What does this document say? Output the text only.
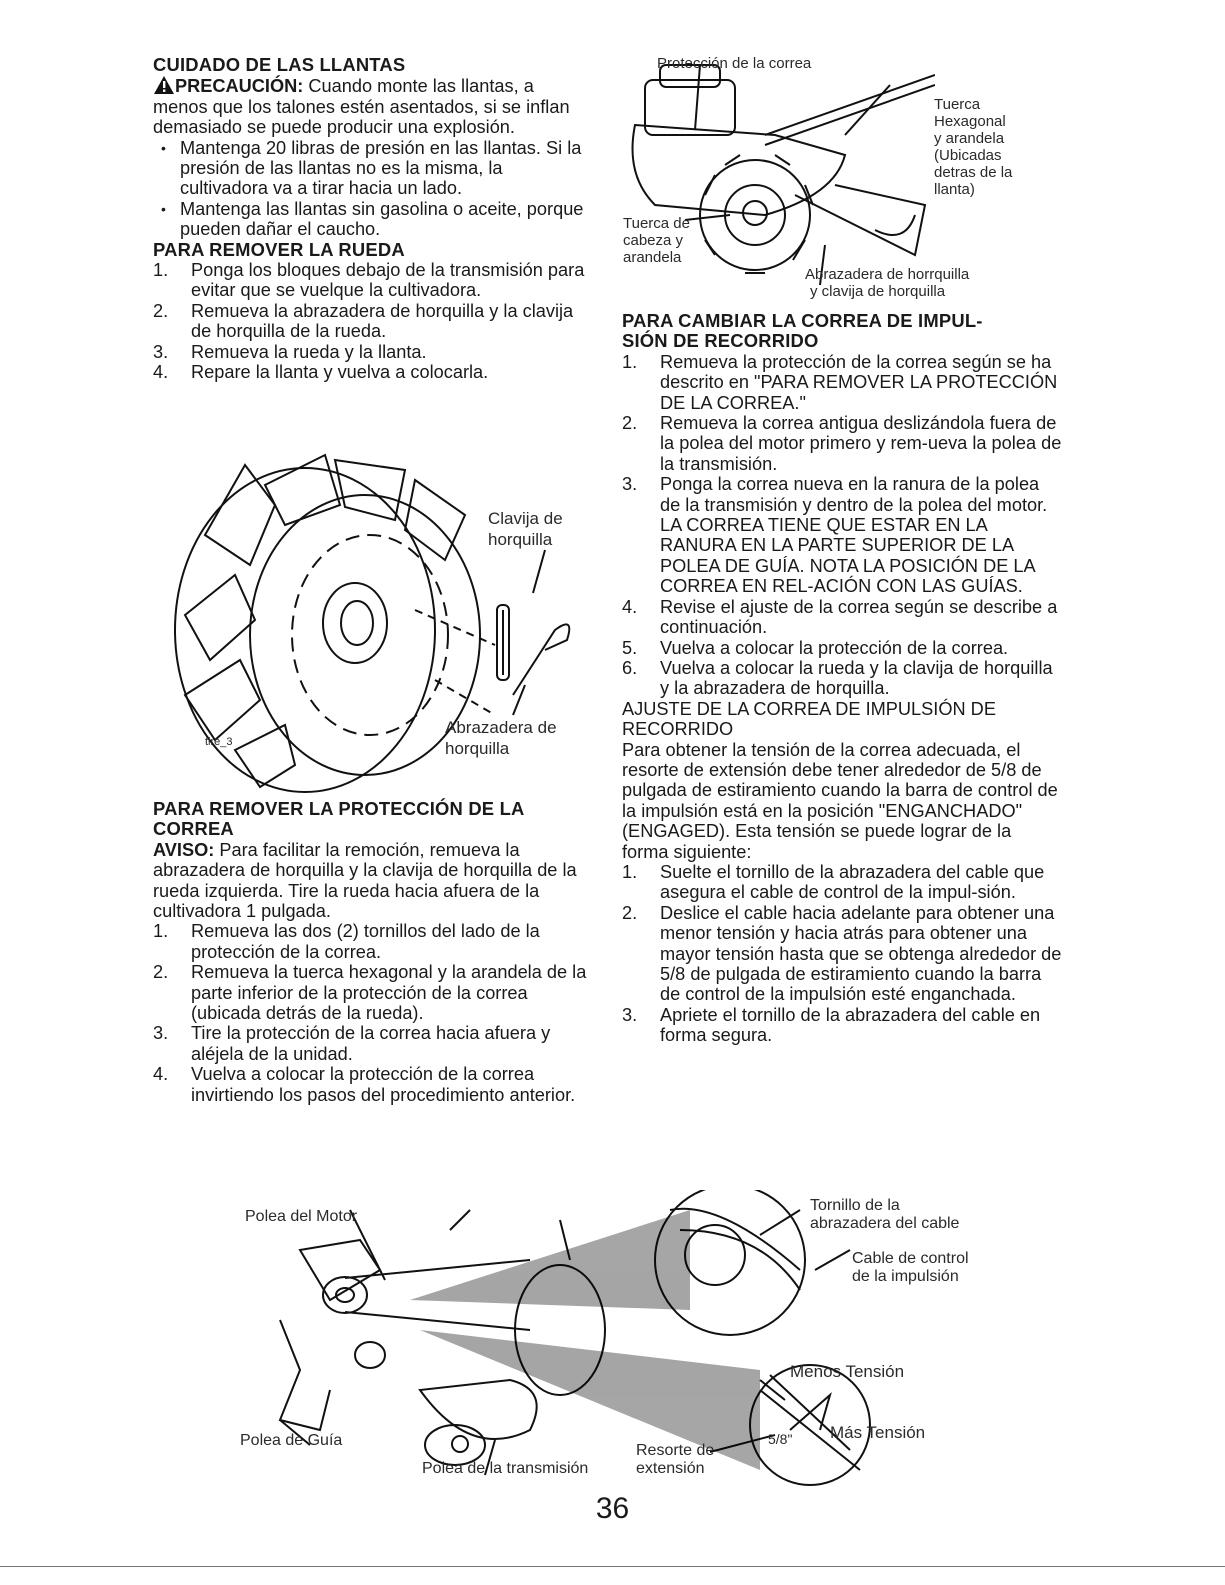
CUIDADO DE LAS LLANTAS

PRECAUCIÓN: Cuando monte las llantas, a menos que los talones estén asentados, si se inflan demasiado se puede producir una explosión.

• Mantenga 20 libras de presión en las llantas. Si la presión de las llantas no es la misma, la cultivadora va a tirar hacia un lado.
• Mantenga las llantas sin gasolina o aceite, porque pueden dañar el caucho.
PARA REMOVER LA RUEDA
1. Ponga los bloques debajo de la transmisión para evitar que se vuelque la cultivadora.
2. Remueva la abrazadera de horquilla y la clavija de horquilla de la rueda.
3. Remueva la rueda y la llanta.
4. Repare la llanta y vuelva a colocarla.
Clavija de horquilla
Abrazadera de horquilla
tire_3
PARA REMOVER LA PROTECCIÓN DE LA CORREA

AVISO: Para facilitar la remoción, remueva la abrazadera de horquilla y la clavija de horquilla de la rueda izquierda. Tire la rueda hacia afuera de la cultivadora 1 pulgada.

1. Remueva las dos (2) tornillos del lado de la protección de la correa.
2. Remueva la tuerca hexagonal y la arandela de la parte inferior de la protección de la correa (ubicada detrás de la rueda).
3. Tire la protección de la correa hacia afuera y aléjela de la unidad.
4. Vuelva a colocar la protección de la correa invirtiendo los pasos del procedimiento anterior.
Protección de la correa
Tuerca
Hexagonal
y arandela
(Ubicadas
detras de la
llanta)
Tuerca de
cabeza y
arandela
Abrazadera de horrquilla
y clavija de horquilla
PARA CAMBIAR LA CORREA DE IMPUL-
SIÓN DE RECORRIDO
1. Remueva la protección de la correa según se ha descrito en "PARA REMOVER LA PROTECCIÓN DE LA CORREA."
2. Remueva la correa antigua deslizándola fuera de la polea del motor primero y rem-ueva la polea de la transmisión.
3. Ponga la correa nueva en la ranura de la polea de la transmisión y dentro de la polea del motor. LA CORREA TIENE QUE ESTAR EN LA RANURA EN LA PARTE SUPERIOR DE LA POLEA DE GUÍA. NOTA LA POSICIÓN DE LA CORREA EN REL-ACIÓN CON LAS GUÍAS.
4. Revise el ajuste de la correa según se describe a continuación.
5. Vuelva a colocar la protección de la correa.
6. Vuelva a colocar la rueda y la clavija de horquilla y la abrazadera de horquilla.
AJUSTE DE LA CORREA DE IMPULSIÓN DE
RECORRIDO

Para obtener la tensión de la correa adecuada, el resorte de extensión debe tener alrededor de 5/8 de pulgada de estiramiento cuando la barra de control de la impulsión está en la posición "ENGANCHADO" (ENGAGED). Esta tensión se puede lograr de la forma siguiente:

1. Suelte el tornillo de la abrazadera del cable que asegura el cable de control de la impul-sión.
2. Deslice el cable hacia adelante para obtener una menor tensión y hacia atrás para obtener una mayor tensión hasta que se obtenga alrededor de 5/8 de pulgada de estiramiento cuando la barra de control de la impulsión esté enganchada.
3. Apriete el tornillo de la abrazadera del cable en forma segura.
Polea del Motor
Polea de Guía
Polea de la transmisión
Resorte de
extensión
Tornillo de la
abrazadera del cable
Cable de control
de la impulsión
Menos Tensión
Más Tensión
5/8"
36
